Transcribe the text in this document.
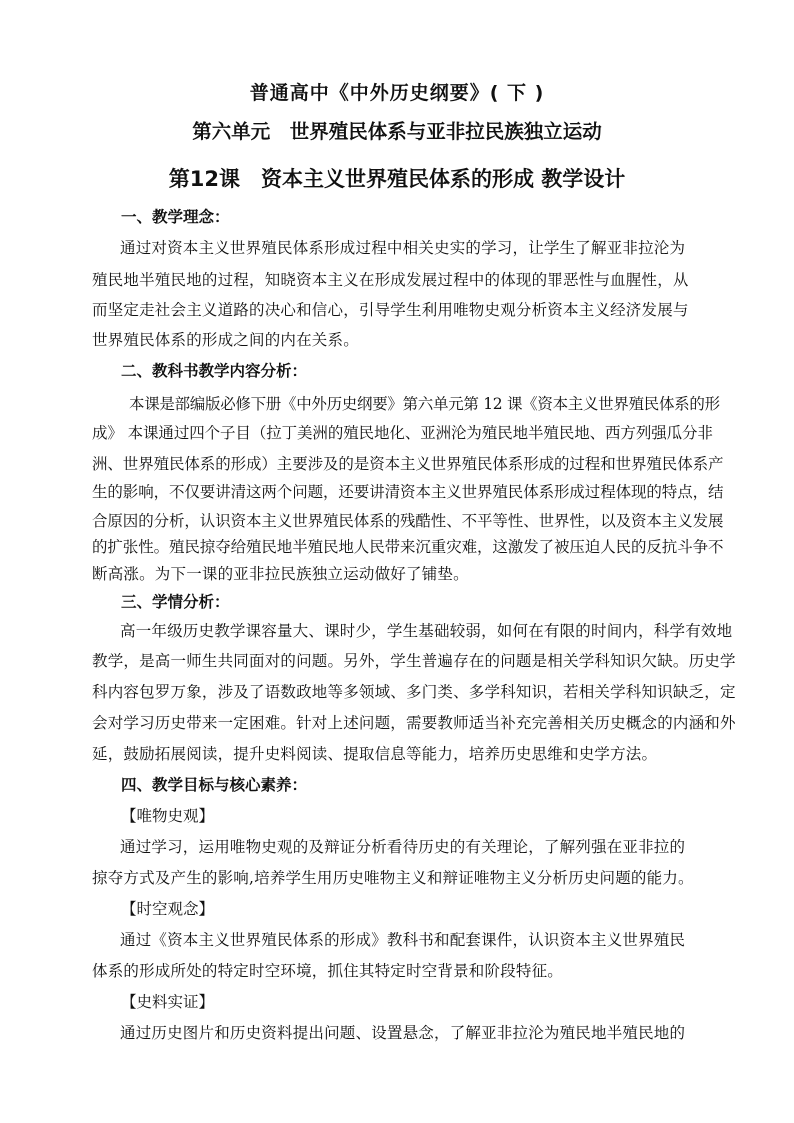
普通高中《中外历史纲要》( 下 )
第六单元　世界殖民体系与亚非拉民族独立运动
第12课　资本主义世界殖民体系的形成 教学设计
一、教学理念：
通过对资本主义世界殖民体系形成过程中相关史实的学习，让学生了解亚非拉沦为
殖民地半殖民地的过程，知晓资本主义在形成发展过程中的体现的罪恶性与血腥性，从
而坚定走社会主义道路的决心和信心，引导学生利用唯物史观分析资本主义经济发展与
世界殖民体系的形成之间的内在关系。
二、教科书教学内容分析：
本课是部编版必修下册《中外历史纲要》第六单元第 12 课《资本主义世界殖民体系的形
成》 本课通过四个子目（拉丁美洲的殖民地化、亚洲沦为殖民地半殖民地、西方列强瓜分非
洲、世界殖民体系的形成）主要涉及的是资本主义世界殖民体系形成的过程和世界殖民体系产
生的影响，不仅要讲清这两个问题，还要讲清资本主义世界殖民体系形成过程体现的特点，结
合原因的分析，认识资本主义世界殖民体系的残酷性、不平等性、世界性，以及资本主义发展
的扩张性。殖民掠夺给殖民地半殖民地人民带来沉重灾难，这激发了被压迫人民的反抗斗争不
断高涨。为下一课的亚非拉民族独立运动做好了铺垫。
三、学情分析：
高一年级历史教学课容量大、课时少，学生基础较弱，如何在有限的时间内，科学有效地
教学，是高一师生共同面对的问题。另外，学生普遍存在的问题是相关学科知识欠缺。历史学
科内容包罗万象，涉及了语数政地等多领域、多门类、多学科知识，若相关学科知识缺乏，定
会对学习历史带来一定困难。针对上述问题，需要教师适当补充完善相关历史概念的内涵和外
延，鼓励拓展阅读，提升史料阅读、提取信息等能力，培养历史思维和史学方法。
四、教学目标与核心素养：
【唯物史观】
通过学习，运用唯物史观的及辩证分析看待历史的有关理论，了解列强在亚非拉的
掠夺方式及产生的影响,培养学生用历史唯物主义和辩证唯物主义分析历史问题的能力。
【时空观念】
通过《资本主义世界殖民体系的形成》教科书和配套课件，认识资本主义世界殖民
体系的形成所处的特定时空环境，抓住其特定时空背景和阶段特征。
【史料实证】
通过历史图片和历史资料提出问题、设置悬念，了解亚非拉沦为殖民地半殖民地的
